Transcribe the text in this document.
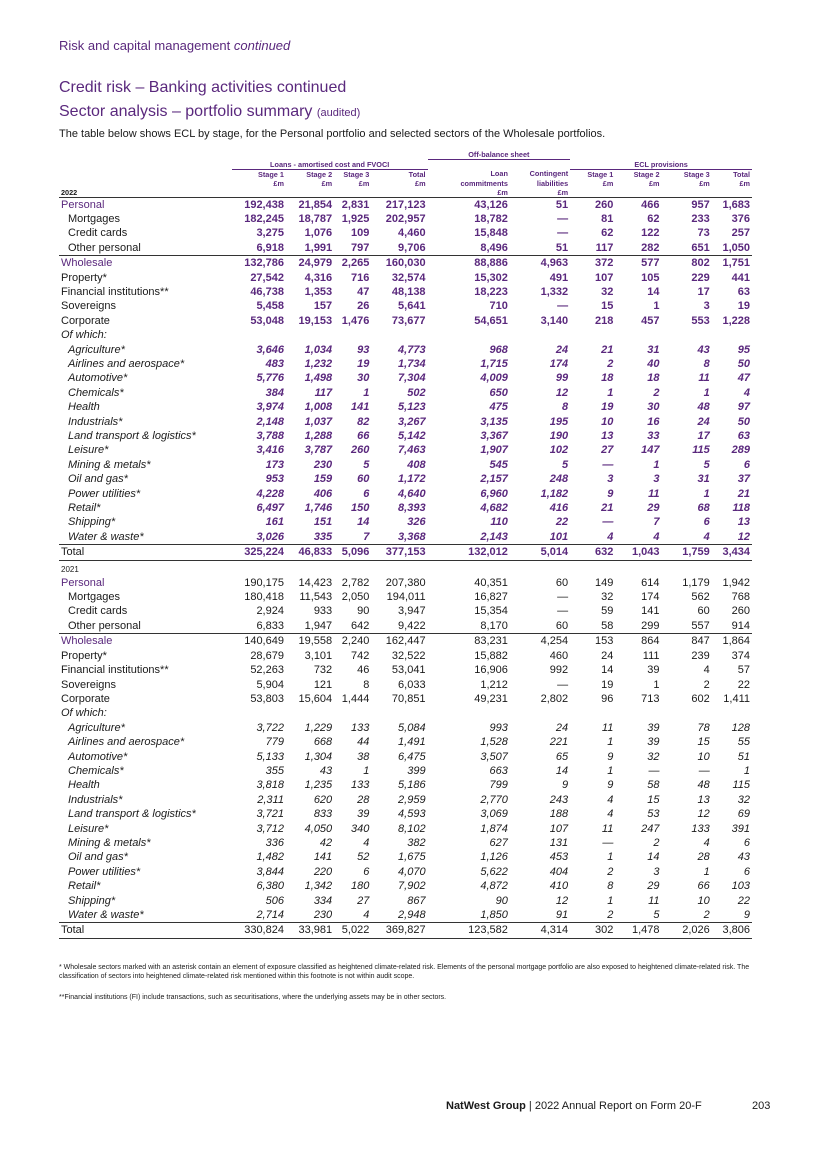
Risk and capital management continued
Credit risk – Banking activities continued
Sector analysis – portfolio summary (audited)
The table below shows ECL by stage, for the Personal portfolio and selected sectors of the Wholesale portfolios.
					Off-balance sheet					
	Loans - amortised cost and FVOCI						ECL provisions			
	Stage 1	Stage 2	Stage 3	Total	Loan	Contingent	Stage 1	Stage 2	Stage 3	Total
	£m	£m	£m	£m	commitments	liabilities	£m	£m	£m	£m
2022					£m	£m				
Personal	192,438	21,854	2,831	217,123	43,126	51	260	466	957	1,683
Mortgages	182,245	18,787	1,925	202,957	18,782	—	81	62	233	376
Credit cards	3,275	1,076	109	4,460	15,848	—	62	122	73	257
Other personal	6,918	1,991	797	9,706	8,496	51	117	282	651	1,050
Wholesale	132,786	24,979	2,265	160,030	88,886	4,963	372	577	802	1,751
Property*	27,542	4,316	716	32,574	15,302	491	107	105	229	441
Financial institutions**	46,738	1,353	47	48,138	18,223	1,332	32	14	17	63
Sovereigns	5,458	157	26	5,641	710	—	15	1	3	19
Corporate	53,048	19,153	1,476	73,677	54,651	3,140	218	457	553	1,228
Of which:										
Agriculture*	3,646	1,034	93	4,773	968	24	21	31	43	95
Airlines and aerospace*	483	1,232	19	1,734	1,715	174	2	40	8	50
Automotive*	5,776	1,498	30	7,304	4,009	99	18	18	11	47
Chemicals*	384	117	1	502	650	12	1	2	1	4
Health	3,974	1,008	141	5,123	475	8	19	30	48	97
Industrials*	2,148	1,037	82	3,267	3,135	195	10	16	24	50
Land transport & logistics*	3,788	1,288	66	5,142	3,367	190	13	33	17	63
Leisure*	3,416	3,787	260	7,463	1,907	102	27	147	115	289
Mining & metals*	173	230	5	408	545	5	—	1	5	6
Oil and gas*	953	159	60	1,172	2,157	248	3	3	31	37
Power utilities*	4,228	406	6	4,640	6,960	1,182	9	11	1	21
Retail*	6,497	1,746	150	8,393	4,682	416	21	29	68	118
Shipping*	161	151	14	326	110	22	—	7	6	13
Water & waste*	3,026	335	7	3,368	2,143	101	4	4	4	12
Total	325,224	46,833	5,096	377,153	132,012	5,014	632	1,043	1,759	3,434
2021										
Personal	190,175	14,423	2,782	207,380	40,351	60	149	614	1,179	1,942
Mortgages	180,418	11,543	2,050	194,011	16,827	—	32	174	562	768
Credit cards	2,924	933	90	3,947	15,354	—	59	141	60	260
Other personal	6,833	1,947	642	9,422	8,170	60	58	299	557	914
Wholesale	140,649	19,558	2,240	162,447	83,231	4,254	153	864	847	1,864
Property*	28,679	3,101	742	32,522	15,882	460	24	111	239	374
Financial institutions**	52,263	732	46	53,041	16,906	992	14	39	4	57
Sovereigns	5,904	121	8	6,033	1,212	—	19	1	2	22
Corporate	53,803	15,604	1,444	70,851	49,231	2,802	96	713	602	1,411
Of which:										
Agriculture*	3,722	1,229	133	5,084	993	24	11	39	78	128
Airlines and aerospace*	779	668	44	1,491	1,528	221	1	39	15	55
Automotive*	5,133	1,304	38	6,475	3,507	65	9	32	10	51
Chemicals*	355	43	1	399	663	14	1	—	—	1
Health	3,818	1,235	133	5,186	799	9	9	58	48	115
Industrials*	2,311	620	28	2,959	2,770	243	4	15	13	32
Land transport & logistics*	3,721	833	39	4,593	3,069	188	4	53	12	69
Leisure*	3,712	4,050	340	8,102	1,874	107	11	247	133	391
Mining & metals*	336	42	4	382	627	131	—	2	4	6
Oil and gas*	1,482	141	52	1,675	1,126	453	1	14	28	43
Power utilities*	3,844	220	6	4,070	5,622	404	2	3	1	6
Retail*	6,380	1,342	180	7,902	4,872	410	8	29	66	103
Shipping*	506	334	27	867	90	12	1	11	10	22
Water & waste*	2,714	230	4	2,948	1,850	91	2	5	2	9
Total	330,824	33,981	5,022	369,827	123,582	4,314	302	1,478	2,026	3,806
* Wholesale sectors marked with an asterisk contain an element of exposure classified as heightened climate-related risk. Elements of the personal mortgage portfolio are also exposed to heightened climate-related risk. The classification of sectors into heightened climate-related risk mentioned within this footnote is not within audit scope.
**Financial institutions (FI) include transactions, such as securitisations, where the underlying assets may be in other sectors.
NatWest Group | 2022 Annual Report on Form 20-F	203
